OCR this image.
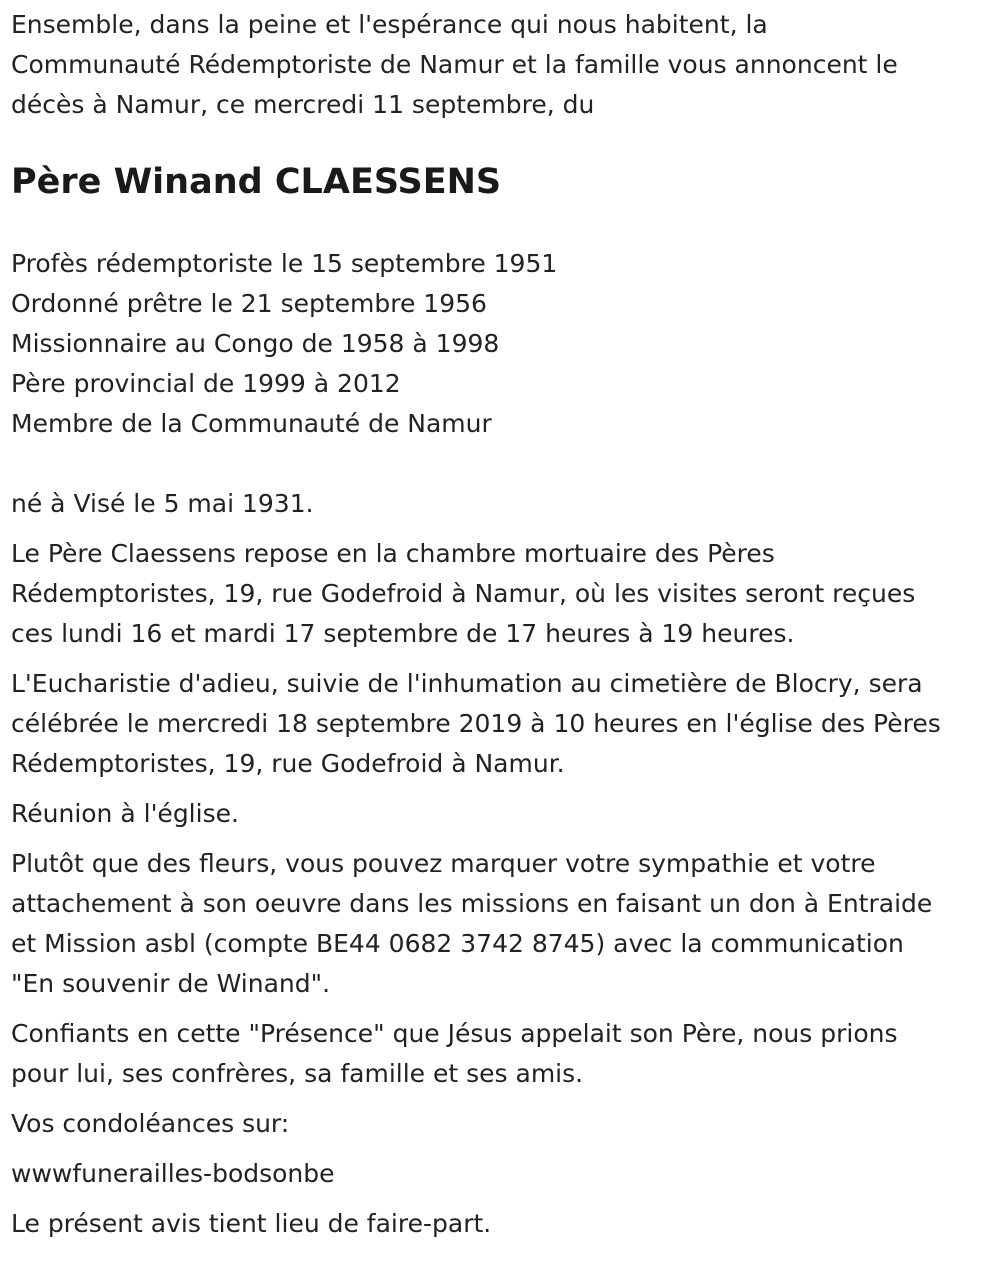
Ensemble, dans la peine et l'espérance qui nous habitent, la
Communauté Rédemptoriste de Namur et la famille vous annoncent le
décès à Namur, ce mercredi 11 septembre, du

Père Winand CLAESSENS

Profès rédemptoriste le 15 septembre 1951
Ordonné prêtre le 21 septembre 1956
Missionnaire au Congo de 1958 à 1998
Père provincial de 1999 à 2012
Membre de la Communauté de Namur

né à Visé le 5 mai 1931.

Le Père Claessens repose en la chambre mortuaire des Pères
Rédemptoristes, 19, rue Godefroid à Namur, où les visites seront reçues
ces lundi 16 et mardi 17 septembre de 17 heures à 19 heures.

L'Eucharistie d'adieu, suivie de l'inhumation au cimetière de Blocry, sera
célébrée le mercredi 18 septembre 2019 à 10 heures en l'église des Pères
Rédemptoristes, 19, rue Godefroid à Namur.

Réunion à l'église.

Plutôt que des fleurs, vous pouvez marquer votre sympathie et votre
attachement à son oeuvre dans les missions en faisant un don à Entraide
et Mission asbl (compte BE44 0682 3742 8745) avec la communication
"En souvenir de Winand".

Confiants en cette "Présence" que Jésus appelait son Père, nous prions
pour lui, ses confrères, sa famille et ses amis.

Vos condoléances sur:

wwwfunerailles-bodsonbe

Le présent avis tient lieu de faire-part.
